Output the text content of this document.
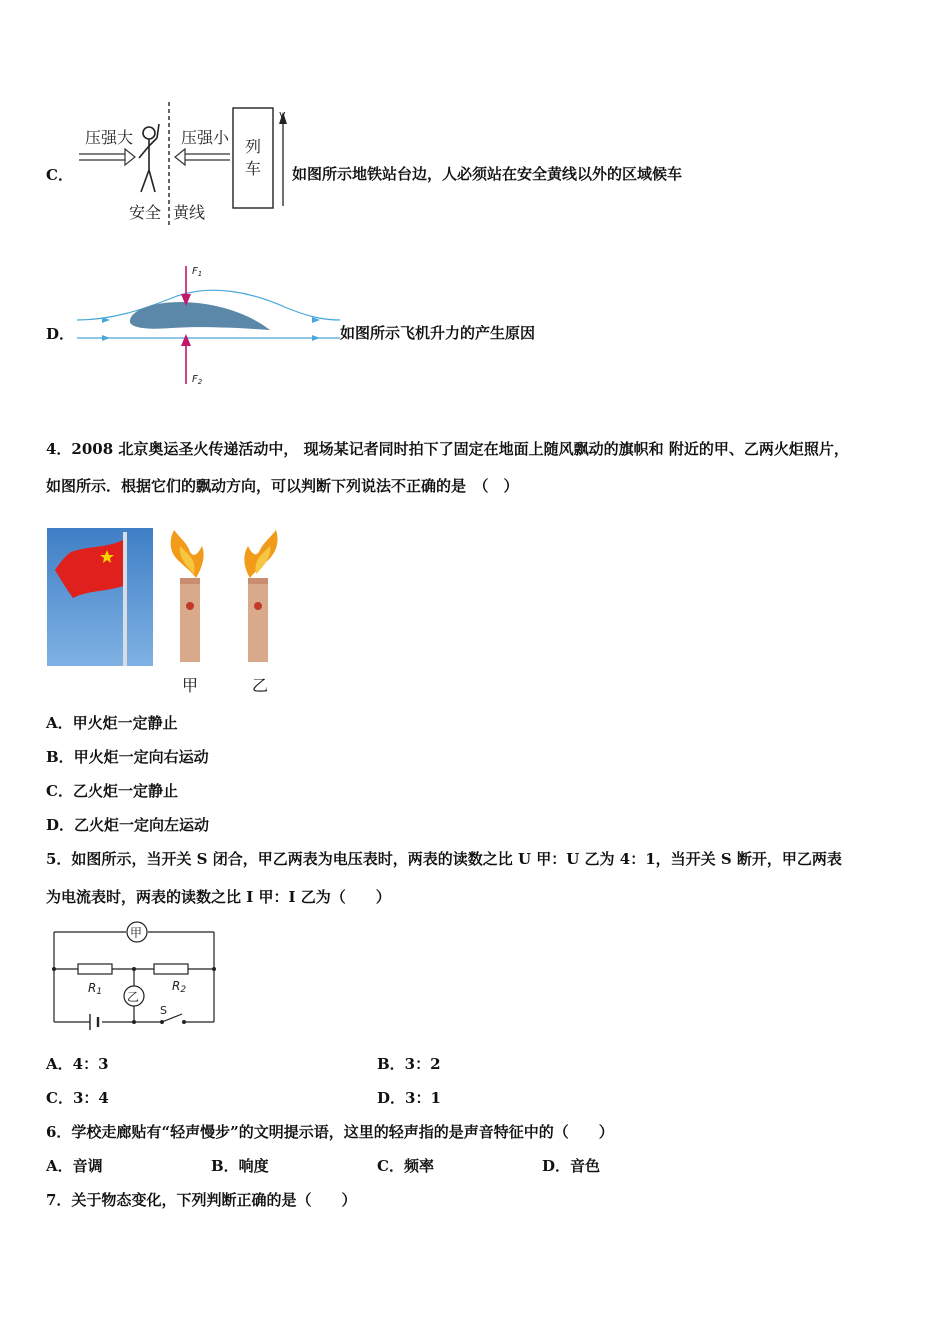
C．
压强大	压强小 列
车
v
安全 黄线
如图所示地铁站台边，人必须站在安全黄线以外的区域候车
D．
$F_1$
$F_2$
如图所示飞机升力的产生原因
4．2008 北京奥运圣火传递活动中， 现场某记者同时拍下了固定在地面上随风飘动的旗帜和 附近的甲、乙两火炬照片，
如图所示．根据它们的飘动方向，可以判断下列说法不正确的是　（　）
甲	乙
A．甲火炬一定静止
B．甲火炬一定向右运动
C．乙火炬一定静止
D．乙火炬一定向左运动
5．如图所示，当开关 S 闭合，甲乙两表为电压表时，两表的读数之比 U 甲：U 乙为 4：1，当开关 S 断开，甲乙两表
为电流表时，两表的读数之比 I 甲：I 乙为（　　）
甲
R1	R2
乙
S
A．4：3	B．3：2
C．3：4	D．3：1
6．学校走廊贴有“轻声慢步”的文明提示语，这里的轻声指的是声音特征中的（　　）
A．音调	B．响度	C．频率	D．音色
7．关于物态变化，下列判断正确的是（　　）
